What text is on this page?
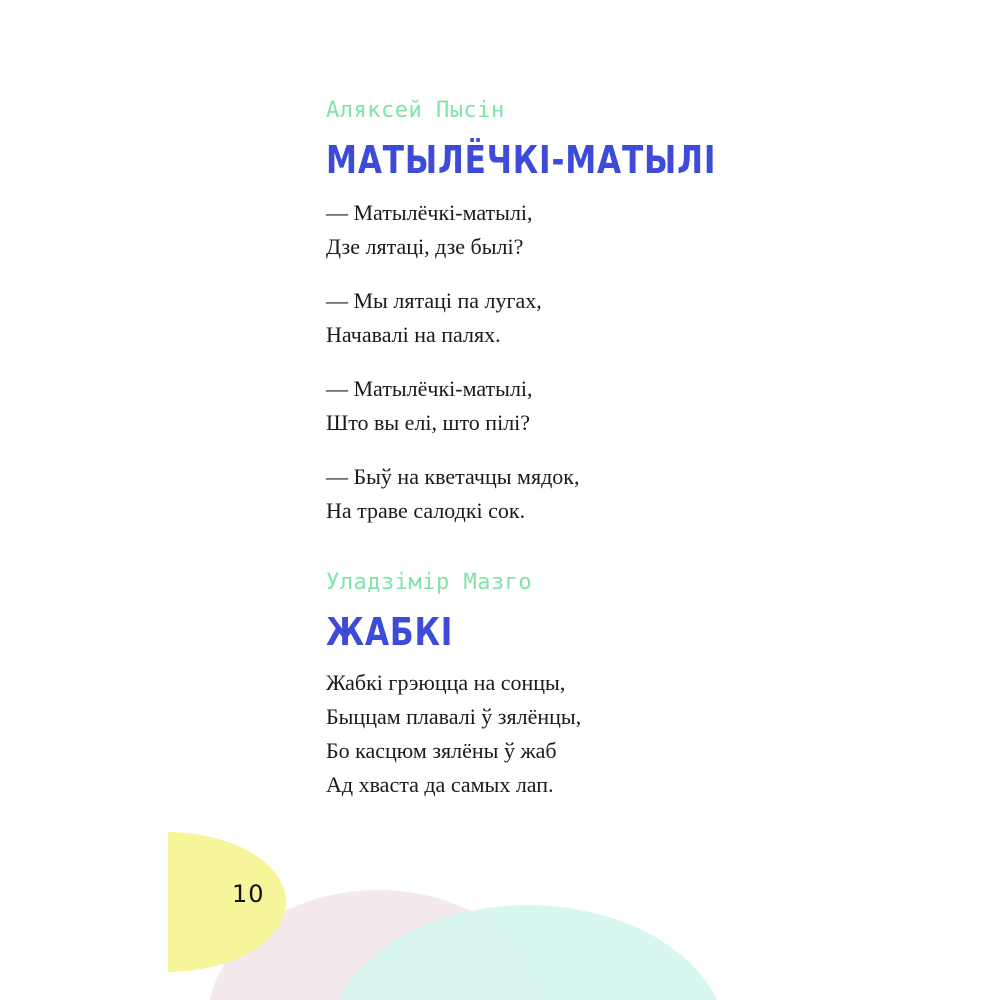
Аляксей Пысін

МАТЫЛЁЧКІ-МАТЫЛІ

— Матылёчкі-матылі,
Дзе лятаці, дзе былі?

— Мы лятаці па лугах,
Начавалі на палях.

— Матылёчкі-матылі,
Што вы елі, што пілі?

— Быў на кветачцы мядок,
На траве салодкі сок.

Уладзімір Мазго

ЖАБКІ

Жабкі грэюцца на сонцы,
Быццам плавалі ў зялёнцы,
Бо касцюм зялёны ў жаб
Ад хваста да самых лап.

10
